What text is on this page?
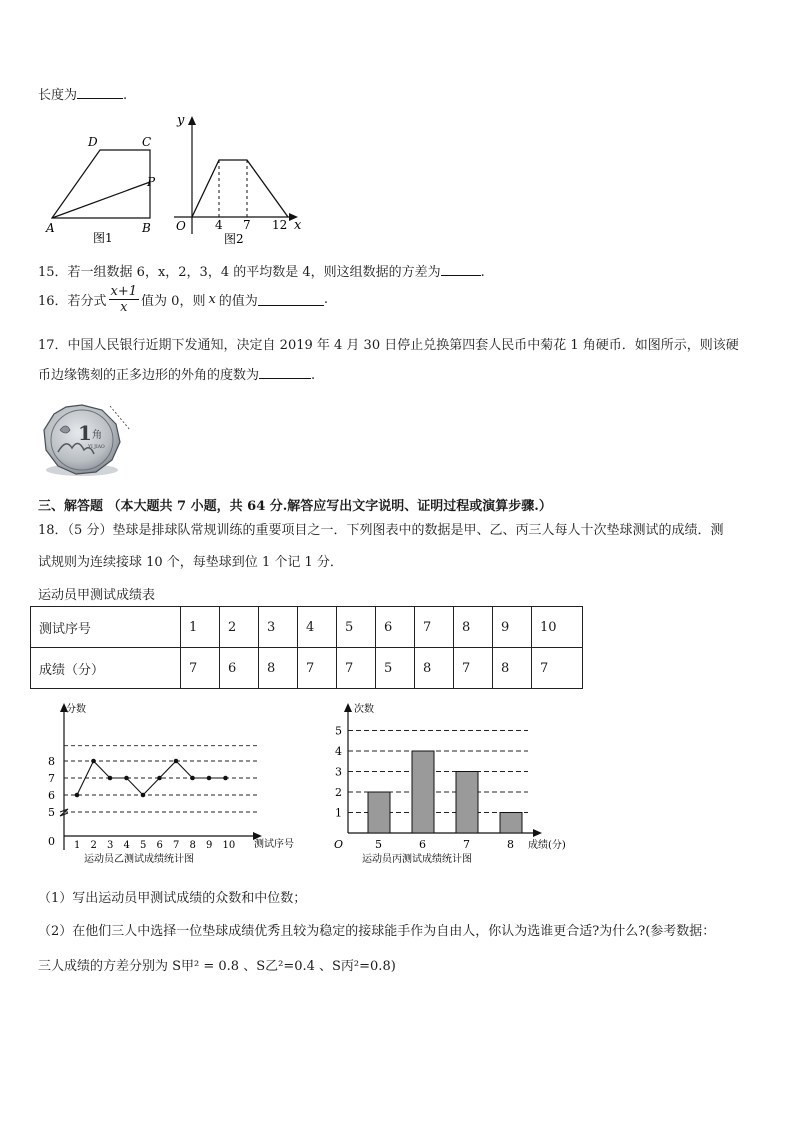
长度为	.
A	B
C
D
P
图1
y
x
O 4 7 12
图2
15．若一组数据 6，x，2，3，4 的平均数是 4，则这组数据的方差为	.
16．若分式 $\frac{x+1}{x}$ 值为 0，则 x 的值为	.
17．中国人民银行近期下发通知，决定自 2019 年 4 月 30 日停止兑换第四套人民币中菊花 1 角硬币．如图所示，则该硬
币边缘镌刻的正多边形的外角的度数为	.
1 角
YI JIAO
三、解答题 （本大题共 7 小题，共 64 分.解答应写出文字说明、证明过程或演算步骤.）
18．（5 分）垫球是排球队常规训练的重要项目之一．下列图表中的数据是甲、乙、丙三人每人十次垫球测试的成绩．测
试规则为连续接球 10 个，每垫球到位 1 个记 1 分．
运动员甲测试成绩表
测试序号	1	2	3	4	5	6	7	8	9	10
成绩（分）	7	6	8	7	7	5	8	7	8	7
5
6
7
8
0
分数
测试序号
1 2 3 4 5 6 7 8 9 10
运动员乙测试成绩统计图
1
2
3
4
5
O
次数
成绩(分)
5	6	7	8
运动员丙测试成绩统计图
（1）写出运动员甲测试成绩的众数和中位数；
（2）在他们三人中选择一位垫球成绩优秀且较为稳定的接球能手作为自由人，你认为选谁更合适?为什么?(参考数据：
三人成绩的方差分别为 S甲² = 0.8 、S乙²=0.4 、S丙²=0.8)
